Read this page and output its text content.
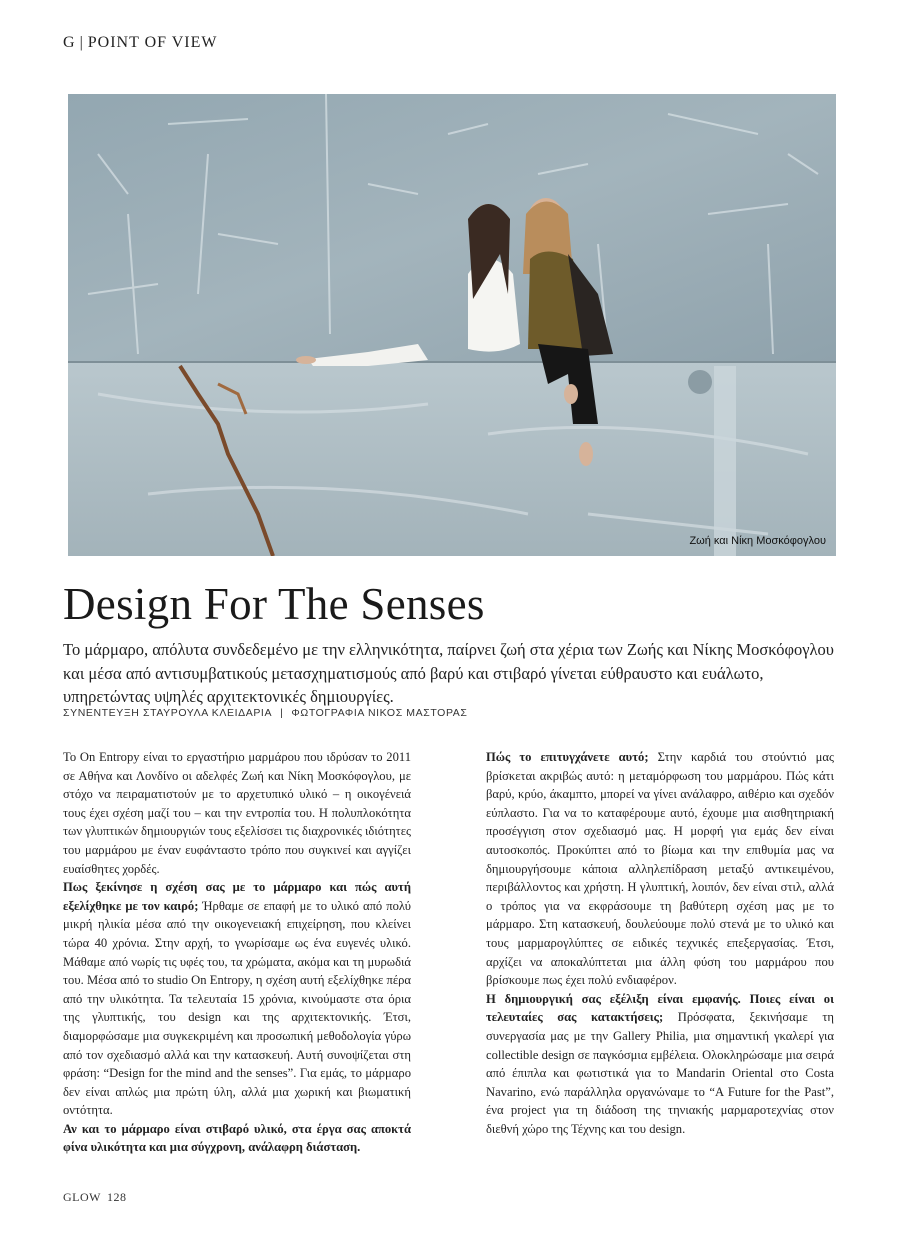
G | POINT OF VIEW
Ζωή και Νίκη Μοσκόφογλου
Design For The Senses

Το μάρμαρο, απόλυτα συνδεδεμένο με την ελληνικότητα, παίρνει ζωή στα χέρια των Ζωής και Νίκης Μοσκόφογλου και μέσα από αντισυμβατικούς μετασχηματισμούς από βαρύ και στιβαρό γίνεται εύθραυστο και ευάλωτο, υπηρετώντας υψηλές αρχιτεκτονικές δημιουργίες.

ΣΥΝΕΝΤΕΥΞΗ ΣΤΑΥΡΟΥΛΑ ΚΛΕΙΔΑΡΙΑ | ΦΩΤΟΓΡΑΦΙΑ ΝΙΚΟΣ ΜΑΣΤΟΡΑΣ

Το On Entropy είναι το εργαστήριο μαρμάρου που ιδρύσαν το 2011 σε Αθήνα και Λονδίνο οι αδελφές Ζωή και Νίκη Μοσκόφογλου, με στόχο να πειραματιστούν με το αρχετυπικό υλικό – η οικογένειά τους έχει σχέση μαζί του – και την εντροπία του. Η πολυπλοκότητα των γλυπτικών δημιουργιών τους εξελίσσει τις διαχρονικές ιδιότητες του μαρμάρου με έναν ευφάνταστο τρόπο που συγκινεί και αγγίζει ευαίσθητες χορδές.

Πως ξεκίνησε η σχέση σας με το μάρμαρο και πώς αυτή εξελίχθηκε με τον καιρό; Ήρθαμε σε επαφή με το υλικό από πολύ μικρή ηλικία μέσα από την οικογενειακή επιχείρηση, που κλείνει τώρα 40 χρόνια. Στην αρχή, το γνωρίσαμε ως ένα ευγενές υλικό. Μάθαμε από νωρίς τις υφές του, τα χρώματα, ακόμα και τη μυρωδιά του. Μέσα από το studio On Entropy, η σχέση αυτή εξελίχθηκε πέρα από την υλικότητα. Τα τελευταία 15 χρόνια, κινούμαστε στα όρια της γλυπτικής, του design και της αρχιτεκτονικής. Έτσι, διαμορφώσαμε μια συγκεκριμένη και προσωπική μεθοδολογία γύρω από τον σχεδιασμό αλλά και την κατασκευή. Αυτή συνοψίζεται στη φράση: “Design for the mind and the senses”. Για εμάς, το μάρμαρο δεν είναι απλώς μια πρώτη ύλη, αλλά μια χωρική και βιωματική οντότητα.

Αν και το μάρμαρο είναι στιβαρό υλικό, στα έργα σας αποκτά φίνα υλικότητα και μια σύγχρονη, ανάλαφρη διάσταση.

Πώς το επιτυγχάνετε αυτό; Στην καρδιά του στούντιό μας βρίσκεται ακριβώς αυτό: η μεταμόρφωση του μαρμάρου. Πώς κάτι βαρύ, κρύο, άκαμπτο, μπορεί να γίνει ανάλαφρο, αιθέριο και σχεδόν εύπλαστο. Για να το καταφέρουμε αυτό, έχουμε μια αισθητηριακή προσέγγιση στον σχεδιασμό μας. Η μορφή για εμάς δεν είναι αυτοσκοπός. Προκύπτει από το βίωμα και την επιθυμία μας να δημιουργήσουμε κάποια αλληλεπίδραση μεταξύ αντικειμένου, περιβάλλοντος και χρήστη. Η γλυπτική, λοιπόν, δεν είναι στιλ, αλλά ο τρόπος για να εκφράσουμε τη βαθύτερη σχέση μας με το μάρμαρο. Στη κατασκευή, δουλεύουμε πολύ στενά με το υλικό και τους μαρμαρογλύπτες σε ειδικές τεχνικές επεξεργασίας. Έτσι, αρχίζει να αποκαλύπτεται μια άλλη φύση του μαρμάρου που βρίσκουμε πως έχει πολύ ενδιαφέρον.

Η δημιουργική σας εξέλιξη είναι εμφανής. Ποιες είναι οι τελευταίες σας κατακτήσεις; Πρόσφατα, ξεκινήσαμε τη συνεργασία μας με την Gallery Philia, μια σημαντική γκαλερί για collectible design σε παγκόσμια εμβέλεια. Ολοκληρώσαμε μια σειρά από έπιπλα και φωτιστικά για το Mandarin Oriental στο Costa Navarino, ενώ παράλληλα οργανώναμε το “A Future for the Past”, ένα project για τη διάδοση της τηνιακής μαρμαροτεχνίας στον διεθνή χώρο της Τέχνης και του design.

GLOW 128
